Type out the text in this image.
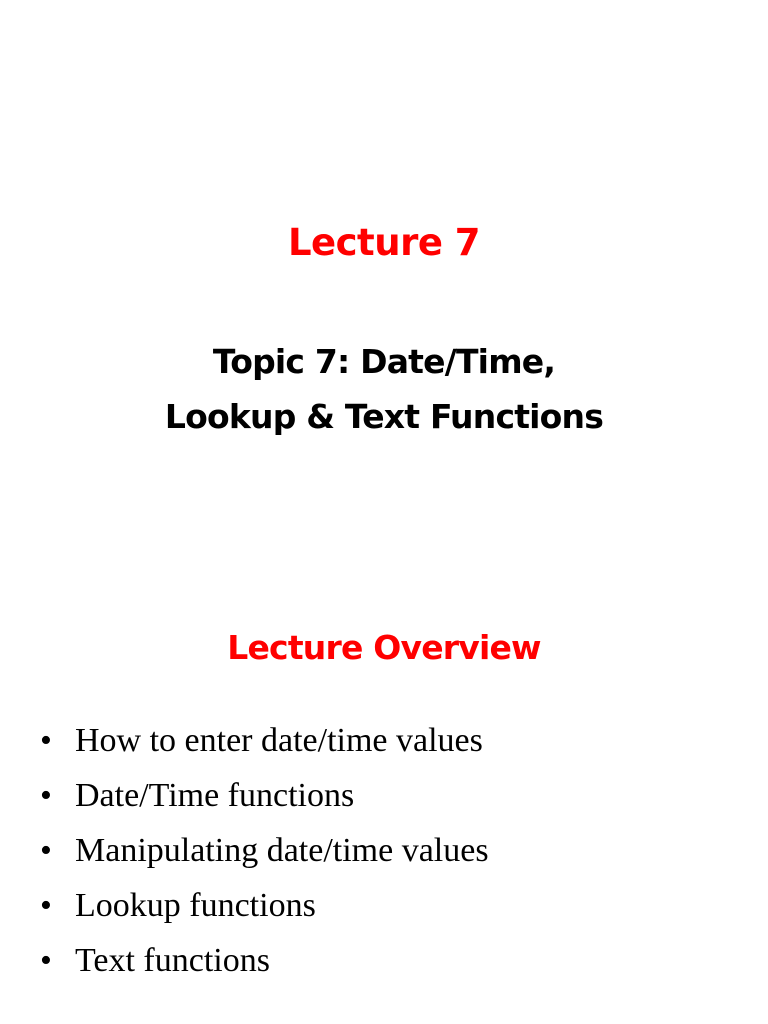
Lecture 7
Topic 7: Date/Time,
Lookup & Text Functions
Lecture Overview
• How to enter date/time values
• Date/Time functions
• Manipulating date/time values
• Lookup functions
• Text functions
